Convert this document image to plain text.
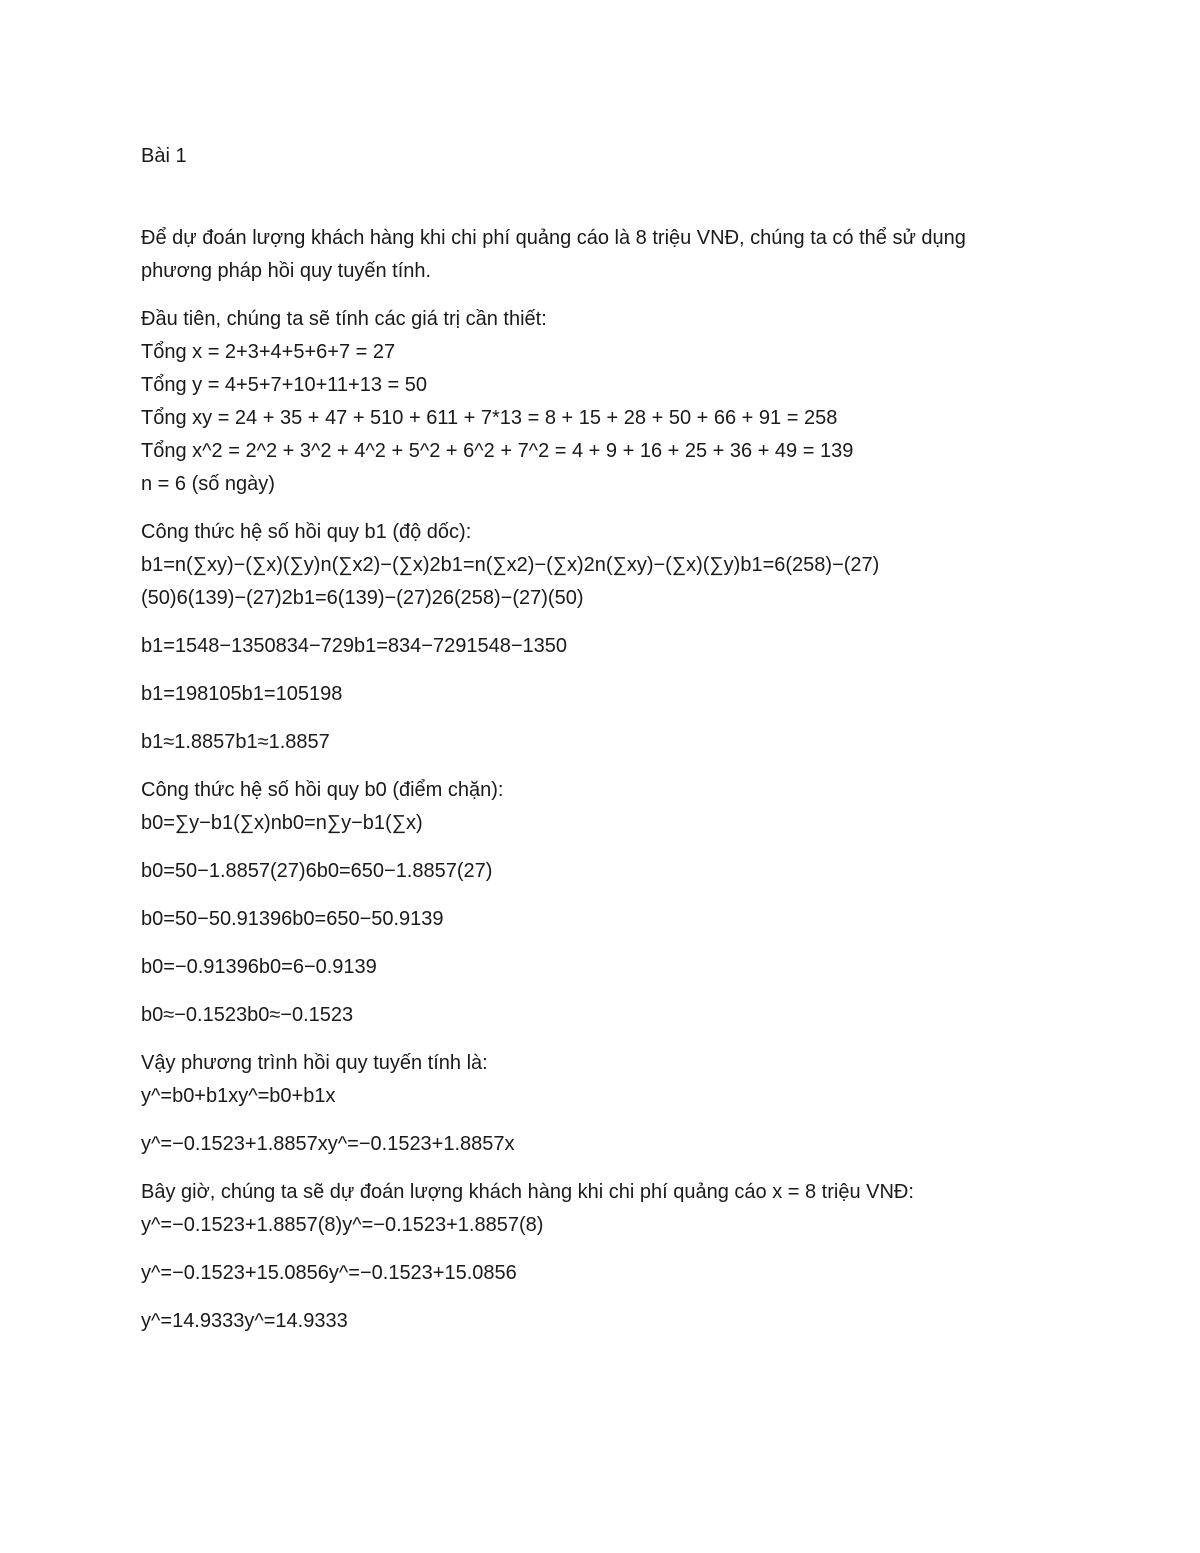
Bài 1

Để dự đoán lượng khách hàng khi chi phí quảng cáo là 8 triệu VNĐ, chúng ta có thể sử dụng phương pháp hồi quy tuyến tính.

Đầu tiên, chúng ta sẽ tính các giá trị cần thiết:
Tổng x = 2+3+4+5+6+7 = 27
Tổng y = 4+5+7+10+11+13 = 50
Tổng xy = 24 + 35 + 47 + 510 + 611 + 7*13 = 8 + 15 + 28 + 50 + 66 + 91 = 258
Tổng x^2 = 2^2 + 3^2 + 4^2 + 5^2 + 6^2 + 7^2 = 4 + 9 + 16 + 25 + 36 + 49 = 139
n = 6 (số ngày)

Công thức hệ số hồi quy b1 (độ dốc):
b1=n(∑xy)−(∑x)(∑y)n(∑x2)−(∑x)2b1=n(∑x2)−(∑x)2n(∑xy)−(∑x)(∑y)b1=6(258)−(27)
(50)6(139)−(27)2b1=6(139)−(27)26(258)−(27)(50)

b1=1548−1350834−729b1=834−7291548−1350

b1=198105b1=105198

b1≈1.8857b1≈1.8857

Công thức hệ số hồi quy b0 (điểm chặn):
b0=∑y−b1(∑x)nb0=n∑y−b1(∑x)

b0=50−1.8857(27)6b0=650−1.8857(27)

b0=50−50.91396b0=650−50.9139

b0=−0.91396b0=6−0.9139

b0≈−0.1523b0≈−0.1523

Vậy phương trình hồi quy tuyến tính là:
y^=b0+b1xy^=b0+b1x

y^=−0.1523+1.8857xy^=−0.1523+1.8857x

Bây giờ, chúng ta sẽ dự đoán lượng khách hàng khi chi phí quảng cáo x = 8 triệu VNĐ:
y^=−0.1523+1.8857(8)y^=−0.1523+1.8857(8)

y^=−0.1523+15.0856y^=−0.1523+15.0856

y^=14.9333y^=14.9333
